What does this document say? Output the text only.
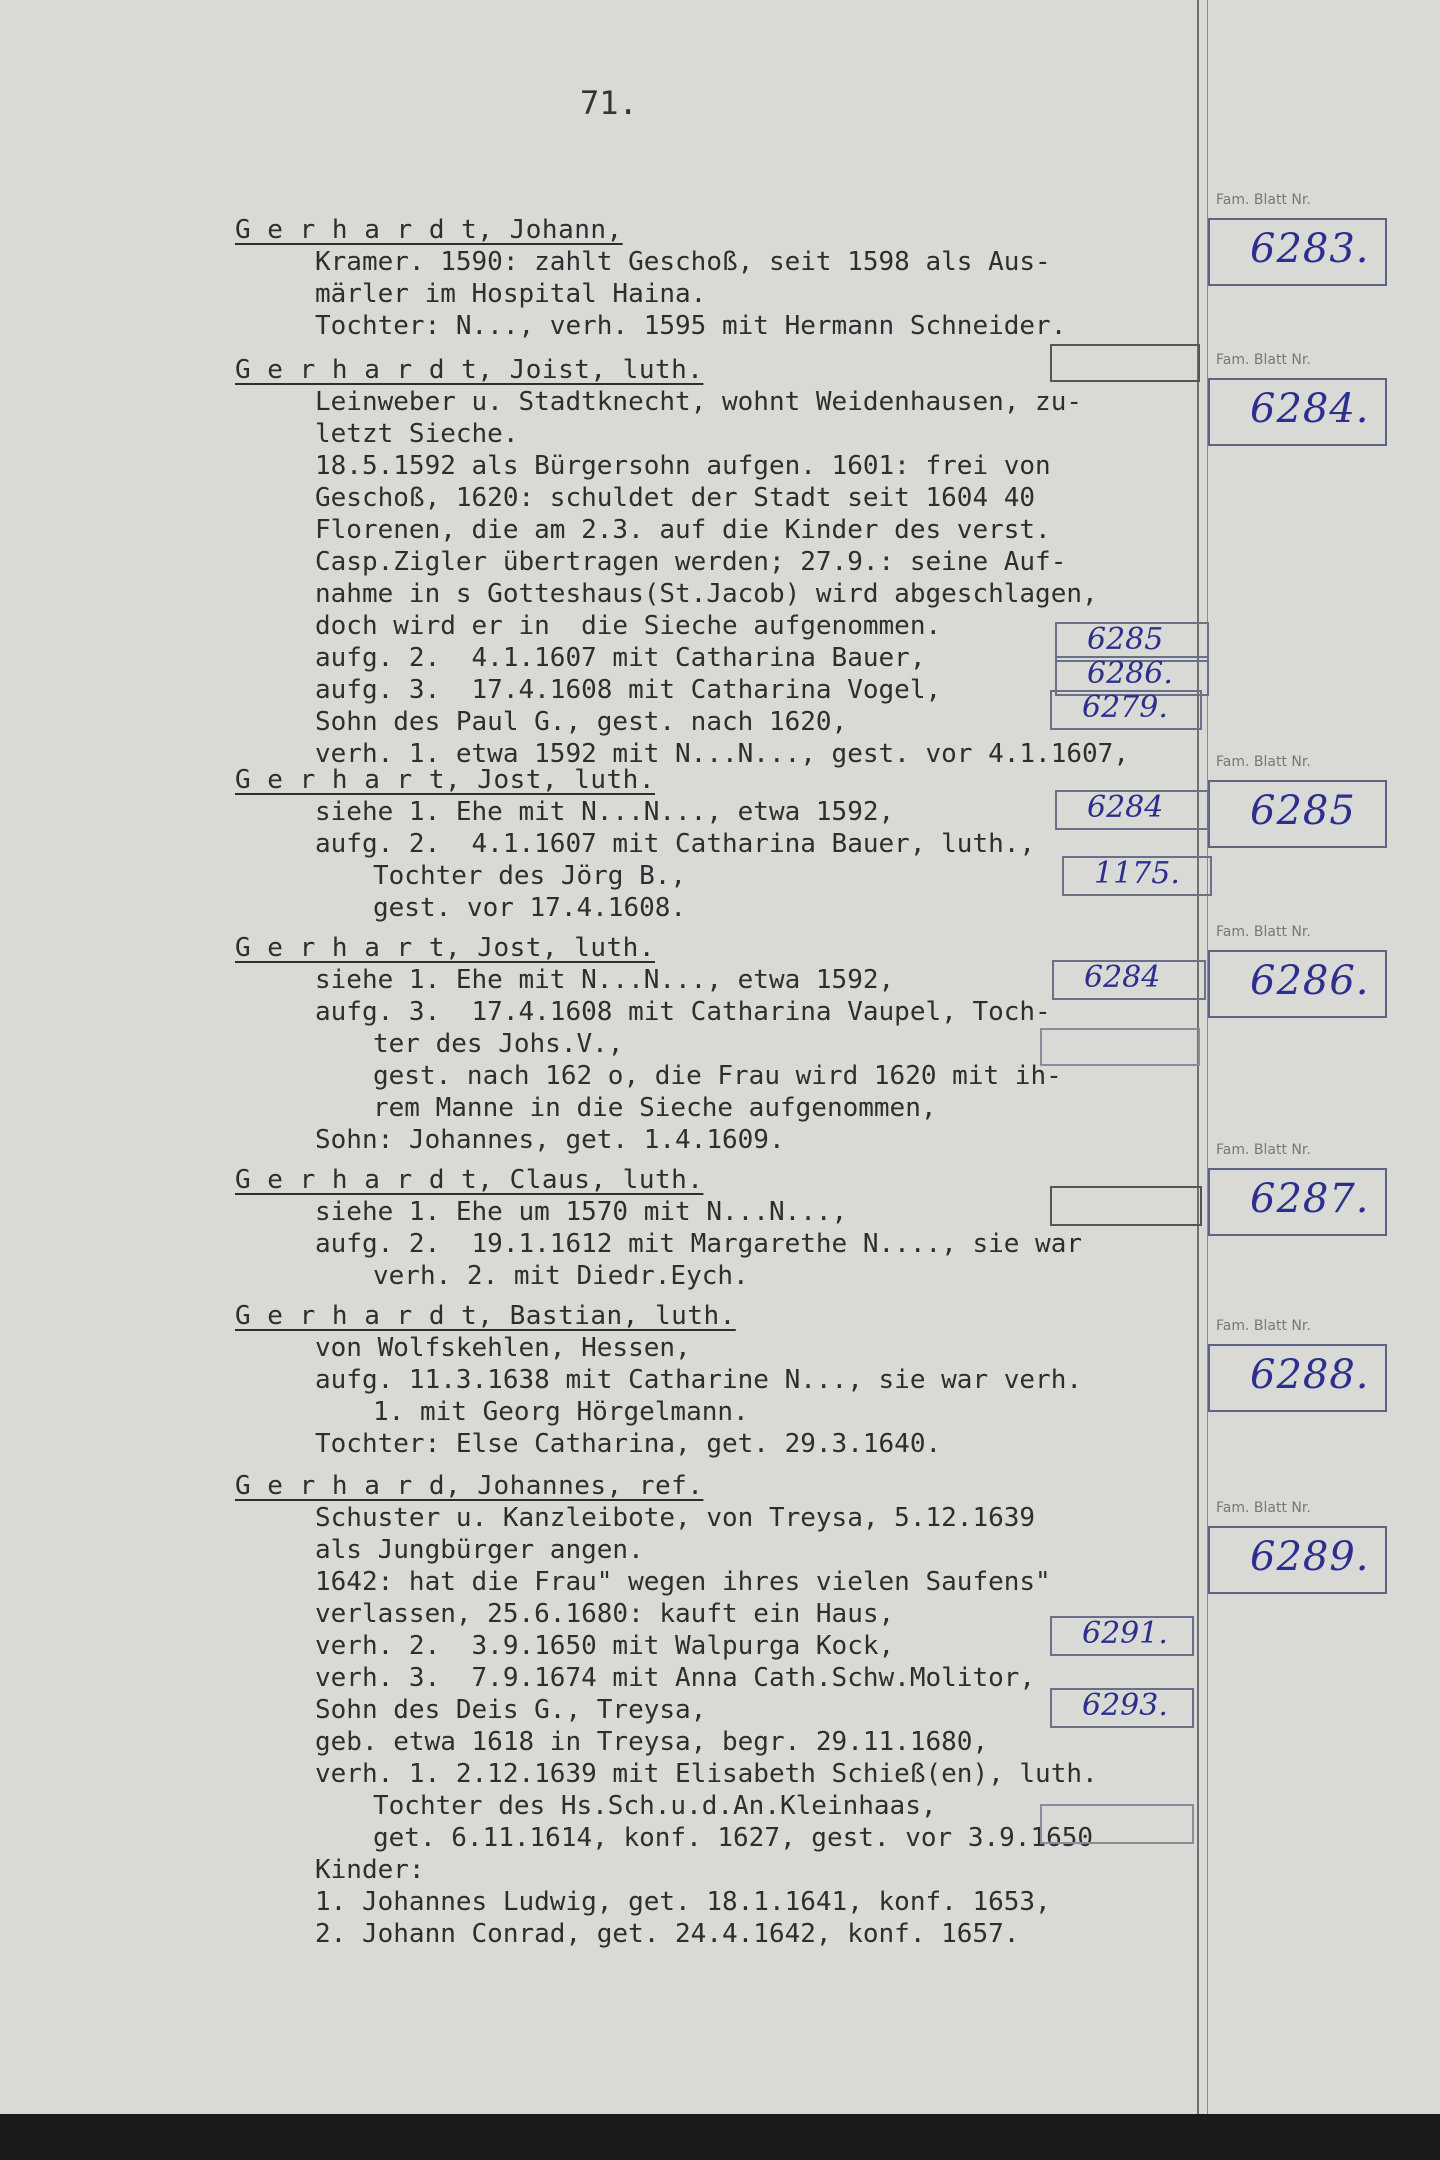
71.
G e r h a r d t, Johann,
Kramer. 1590: zahlt Geschoß, seit 1598 als Aus-
märler im Hospital Haina.
Tochter: N..., verh. 1595 mit Hermann Schneider.
G e r h a r d t, Joist, luth.
Leinweber u. Stadtknecht, wohnt Weidenhausen, zu-
letzt Sieche.
18.5.1592 als Bürgersohn aufgen. 1601: frei von
Geschoß, 1620: schuldet der Stadt seit 1604 40
Florenen, die am 2.3. auf die Kinder des verst.
Casp.Zigler übertragen werden; 27.9.: seine Auf-
nahme in s Gotteshaus(St.Jacob) wird abgeschlagen,
doch wird er in  die Sieche aufgenommen.
aufg. 2.  4.1.1607 mit Catharina Bauer,
aufg. 3.  17.4.1608 mit Catharina Vogel,
Sohn des Paul G., gest. nach 1620,
verh. 1. etwa 1592 mit N...N..., gest. vor 4.1.1607,
G e r h a r t, Jost, luth.
siehe 1. Ehe mit N...N..., etwa 1592,
aufg. 2.  4.1.1607 mit Catharina Bauer, luth.,
Tochter des Jörg B.,
gest. vor 17.4.1608.
G e r h a r t, Jost, luth.
siehe 1. Ehe mit N...N..., etwa 1592,
aufg. 3.  17.4.1608 mit Catharina Vaupel, Toch-
ter des Johs.V.,
gest. nach 162 o, die Frau wird 1620 mit ih-
rem Manne in die Sieche aufgenommen,
Sohn: Johannes, get. 1.4.1609.
G e r h a r d t, Claus, luth.
siehe 1. Ehe um 1570 mit N...N...,
aufg. 2.  19.1.1612 mit Margarethe N...., sie war
verh. 2. mit Diedr.Eych.
G e r h a r d t, Bastian, luth.
von Wolfskehlen, Hessen,
aufg. 11.3.1638 mit Catharine N..., sie war verh.
1. mit Georg Hörgelmann.
Tochter: Else Catharina, get. 29.3.1640.
G e r h a r d, Johannes, ref.
Schuster u. Kanzleibote, von Treysa, 5.12.1639
als Jungbürger angen.
1642: hat die Frau" wegen ihres vielen Saufens"
verlassen, 25.6.1680: kauft ein Haus,
verh. 2.  3.9.1650 mit Walpurga Kock,
verh. 3.  7.9.1674 mit Anna Cath.Schw.Molitor,
Sohn des Deis G., Treysa,
geb. etwa 1618 in Treysa, begr. 29.11.1680,
verh. 1. 2.12.1639 mit Elisabeth Schieß(en), luth.
Tochter des Hs.Sch.u.d.An.Kleinhaas,
get. 6.11.1614, konf. 1627, gest. vor 3.9.1650
Kinder:
1. Johannes Ludwig, get. 18.1.1641, konf. 1653,
2. Johann Conrad, get. 24.4.1642, konf. 1657.
Fam. Blatt Nr.
6283.
Fam. Blatt Nr.
6284.
Fam. Blatt Nr.
6285
Fam. Blatt Nr.
6286.
Fam. Blatt Nr.
6287.
Fam. Blatt Nr.
6288.
Fam. Blatt Nr.
6289.
6285
6286.
6279.
6284
1175.
6284
6291.
6293.
